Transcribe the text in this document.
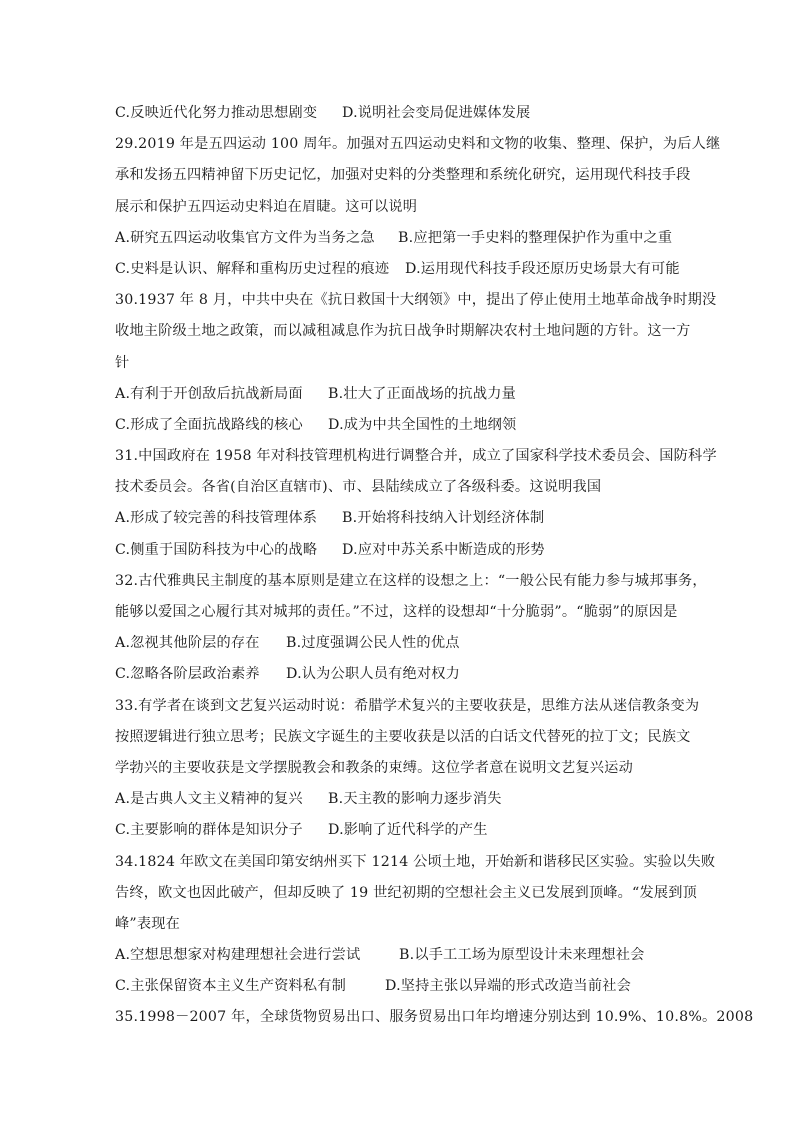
C.反映近代化努力推动思想剧变	D.说明社会变局促进媒体发展
29.2019 年是五四运动 100 周年。加强对五四运动史料和文物的收集、整理、保护，为后人继
承和发扬五四精神留下历史记忆，加强对史料的分类整理和系统化研究，运用现代科技手段
展示和保护五四运动史料迫在眉睫。这可以说明
A.研究五四运动收集官方文件为当务之急	B.应把第一手史料的整理保护作为重中之重
C.史料是认识、解释和重构历史过程的痕迹	D.运用现代科技手段还原历史场景大有可能
30.1937 年 8 月，中共中央在《抗日救国十大纲领》中，提出了停止使用土地革命战争时期没
收地主阶级土地之政策，而以减租减息作为抗日战争时期解决农村土地问题的方针。这一方
针
A.有利于开创敌后抗战新局面	B.壮大了正面战场的抗战力量
C.形成了全面抗战路线的核心	D.成为中共全国性的土地纲领
31.中国政府在 1958 年对科技管理机构进行调整合并，成立了国家科学技术委员会、国防科学
技术委员会。各省(自治区直辖市)、市、县陆续成立了各级科委。这说明我国
A.形成了较完善的科技管理体系	B.开始将科技纳入计划经济体制
C.侧重于国防科技为中心的战略	D.应对中苏关系中断造成的形势
32.古代雅典民主制度的基本原则是建立在这样的设想之上：“一般公民有能力参与城邦事务，
能够以爱国之心履行其对城邦的责任。”不过，这样的设想却“十分脆弱”。“脆弱”的原因是
A.忽视其他阶层的存在	B.过度强调公民人性的优点
C.忽略各阶层政治素养	D.认为公职人员有绝对权力
33.有学者在谈到文艺复兴运动时说：希腊学术复兴的主要收获是，思维方法从迷信教条变为
按照逻辑进行独立思考；民族文字诞生的主要收获是以活的白话文代替死的拉丁文；民族文
学勃兴的主要收获是文学摆脱教会和教条的束缚。这位学者意在说明文艺复兴运动
A.是古典人文主义精神的复兴	B.天主教的影响力逐步消失
C.主要影响的群体是知识分子	D.影响了近代科学的产生
34.1824 年欧文在美国印第安纳州买下 1214 公顷土地，开始新和谐移民区实验。实验以失败
告终，欧文也因此破产，但却反映了 19 世纪初期的空想社会主义已发展到顶峰。“发展到顶
峰”表现在
A.空想思想家对构建理想社会进行尝试	B.以手工工场为原型设计未来理想社会
C.主张保留资本主义生产资料私有制	D.坚持主张以异端的形式改造当前社会
35.1998－2007 年，全球货物贸易出口、服务贸易出口年均增速分别达到 10.9%、10.8%。2008
